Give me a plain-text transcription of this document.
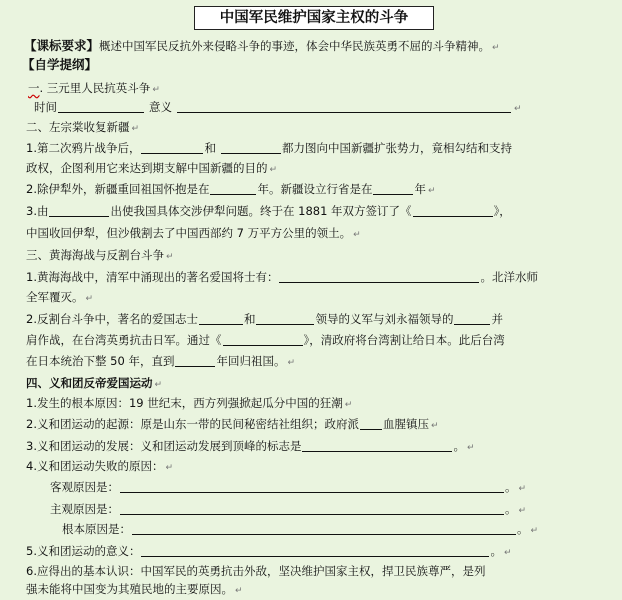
中国军民维护国家主权的斗争
【课标要求】概述中国军民反抗外来侵略斗争的事迹，体会中华民族英勇不屈的斗争精神。 ↵
【自学提纲】
一. 三元里人民抗英斗争 ↵
时间	意义	↵
二、左宗棠收复新疆 ↵
1.第二次鸦片战争后，	和	都力图向中国新疆扩张势力，竟相勾结和支持
政权，企图利用它来达到期支解中国新疆的目的 ↵
2.除伊犁外，新疆重回祖国怀抱是在	年。新疆设立行省是在	年 ↵
3.由	出使我国具体交涉伊犁问题。终于在 1881 年双方签订了《	》，
中国收回伊犁，但沙俄割去了中国西部约 7 万平方公里的领土。 ↵
三、黄海海战与反割台斗争 ↵
1.黄海海战中，清军中涌现出的著名爱国将士有：	。北洋水师
全军覆灭。 ↵
2.反割台斗争中，著名的爱国志士	和	领导的义军与刘永福领导的	并
肩作战，在台湾英勇抗击日军。通过《	》，清政府将台湾割让给日本。此后台湾
在日本统治下整 50 年，直到	年回归祖国。 ↵
四、义和团反帝爱国运动 ↵
1.发生的根本原因：19 世纪末，西方列强掀起瓜分中国的狂潮 ↵
2.义和团运动的起源：原是山东一带的民间秘密结社组织；政府派 血腥镇压 ↵
3.义和团运动的发展：义和团运动发展到顶峰的标志是	。 ↵
4.义和团运动失败的原因： ↵
客观原因是：	。 ↵
主观原因是：	。 ↵
根本原因是：	。 ↵
5.义和团运动的意义：	。 ↵
6.应得出的基本认识：中国军民的英勇抗击外敌，坚决维护国家主权，捍卫民族尊严，是列
强未能将中国变为其殖民地的主要原因。 ↵
